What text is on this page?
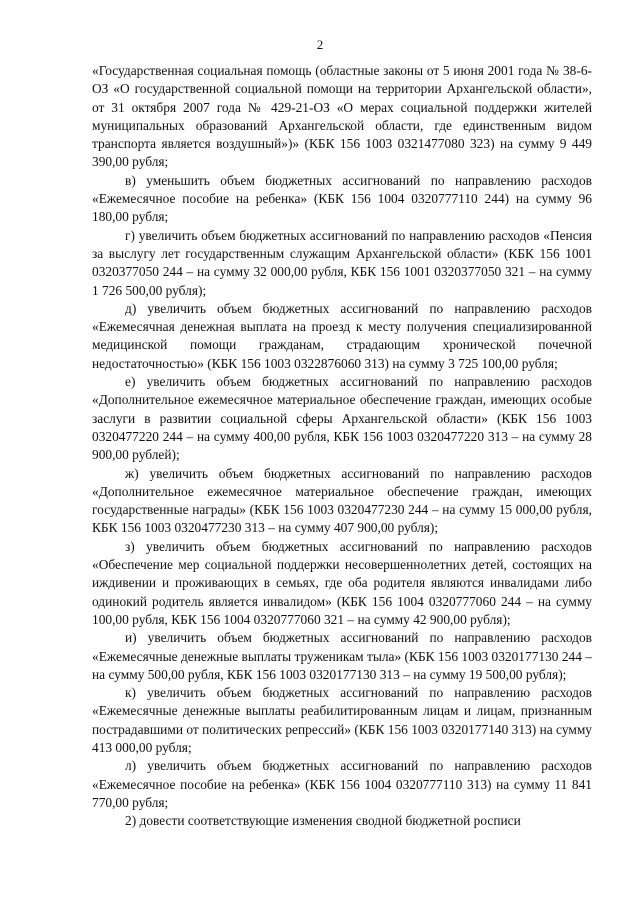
2

«Государственная социальная помощь (областные законы от 5 июня 2001 года № 38-6-ОЗ «О государственной социальной помощи на территории Архангельской области», от 31 октября 2007 года № 429-21-ОЗ «О мерах социальной поддержки жителей муниципальных образований Архангельской области, где единственным видом транспорта является воздушный»)» (КБК 156 1003 0321477080 323) на сумму 9 449 390,00 рубля;

в) уменьшить объем бюджетных ассигнований по направлению расходов «Ежемесячное пособие на ребенка» (КБК 156 1004 0320777110 244) на сумму 96 180,00 рубля;

г) увеличить объем бюджетных ассигнований по направлению расходов «Пенсия за выслугу лет государственным служащим Архангельской области» (КБК 156 1001 0320377050 244 – на сумму 32 000,00 рубля, КБК 156 1001 0320377050 321 – на сумму 1 726 500,00 рубля);

д) увеличить объем бюджетных ассигнований по направлению расходов «Ежемесячная денежная выплата на проезд к месту получения специализированной медицинской помощи гражданам, страдающим хронической почечной недостаточностью» (КБК 156 1003 0322876060 313) на сумму 3 725 100,00 рубля;

е) увеличить объем бюджетных ассигнований по направлению расходов «Дополнительное ежемесячное материальное обеспечение граждан, имеющих особые заслуги в развитии социальной сферы Архангельской области» (КБК 156 1003 0320477220 244 – на сумму 400,00 рубля, КБК 156 1003 0320477220 313 – на сумму 28 900,00 рублей);

ж) увеличить объем бюджетных ассигнований по направлению расходов «Дополнительное ежемесячное материальное обеспечение граждан, имеющих государственные награды» (КБК 156 1003 0320477230 244 – на сумму 15 000,00 рубля, КБК 156 1003 0320477230 313 – на сумму 407 900,00 рубля);

з) увеличить объем бюджетных ассигнований по направлению расходов «Обеспечение мер социальной поддержки несовершеннолетних детей, состоящих на иждивении и проживающих в семьях, где оба родителя являются инвалидами либо одинокий родитель является инвалидом» (КБК 156 1004 0320777060 244 – на сумму 100,00 рубля, КБК 156 1004 0320777060 321 – на сумму 42 900,00 рубля);

и) увеличить объем бюджетных ассигнований по направлению расходов «Ежемесячные денежные выплаты труженикам тыла» (КБК 156 1003 0320177130 244 – на сумму 500,00 рубля, КБК 156 1003 0320177130 313 – на сумму 19 500,00 рубля);

к) увеличить объем бюджетных ассигнований по направлению расходов «Ежемесячные денежные выплаты реабилитированным лицам и лицам, признанным пострадавшими от политических репрессий» (КБК 156 1003 0320177140 313) на сумму 413 000,00 рубля;

л) увеличить объем бюджетных ассигнований по направлению расходов «Ежемесячное пособие на ребенка» (КБК 156 1004 0320777110 313) на сумму 11 841 770,00 рубля;

2) довести соответствующие изменения сводной бюджетной росписи
